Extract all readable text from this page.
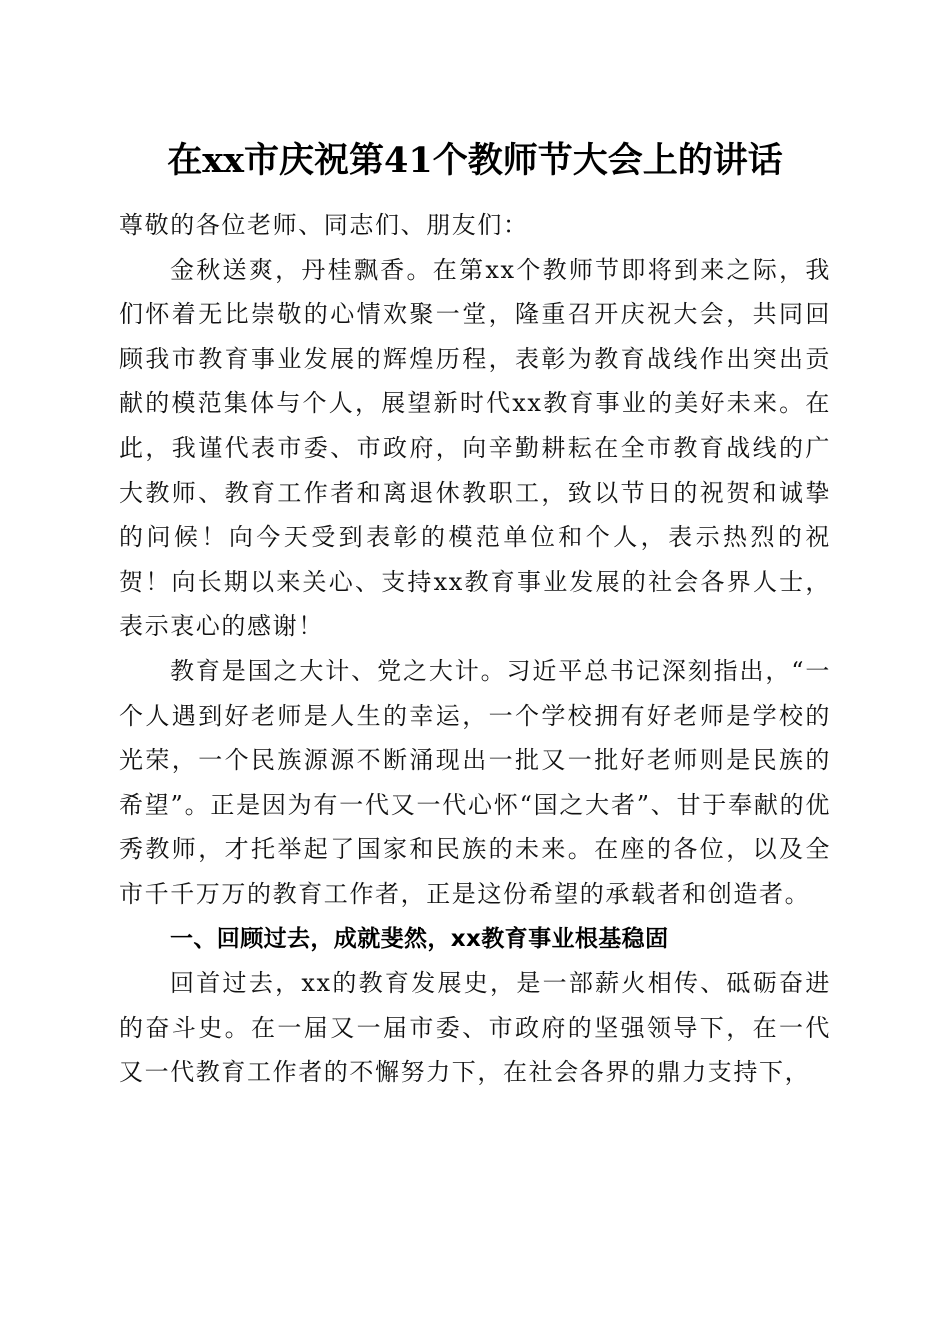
在xx市庆祝第41个教师节大会上的讲话

尊敬的各位老师、同志们、朋友们：

金秋送爽，丹桂飘香。在第xx个教师节即将到来之际，我们怀着无比崇敬的心情欢聚一堂，隆重召开庆祝大会，共同回顾我市教育事业发展的辉煌历程，表彰为教育战线作出突出贡献的模范集体与个人，展望新时代xx教育事业的美好未来。在此，我谨代表市委、市政府，向辛勤耕耘在全市教育战线的广大教师、教育工作者和离退休教职工，致以节日的祝贺和诚挚的问候！向今天受到表彰的模范单位和个人，表示热烈的祝贺！向长期以来关心、支持xx教育事业发展的社会各界人士，表示衷心的感谢！

教育是国之大计、党之大计。习近平总书记深刻指出，“一个人遇到好老师是人生的幸运，一个学校拥有好老师是学校的光荣，一个民族源源不断涌现出一批又一批好老师则是民族的希望”。正是因为有一代又一代心怀“国之大者”、甘于奉献的优秀教师，才托举起了国家和民族的未来。在座的各位，以及全市千千万万的教育工作者，正是这份希望的承载者和创造者。

一、回顾过去，成就斐然，xx教育事业根基稳固

回首过去，xx的教育发展史，是一部薪火相传、砥砺奋进的奋斗史。在一届又一届市委、市政府的坚强领导下，在一代又一代教育工作者的不懈努力下，在社会各界的鼎力支持下，
